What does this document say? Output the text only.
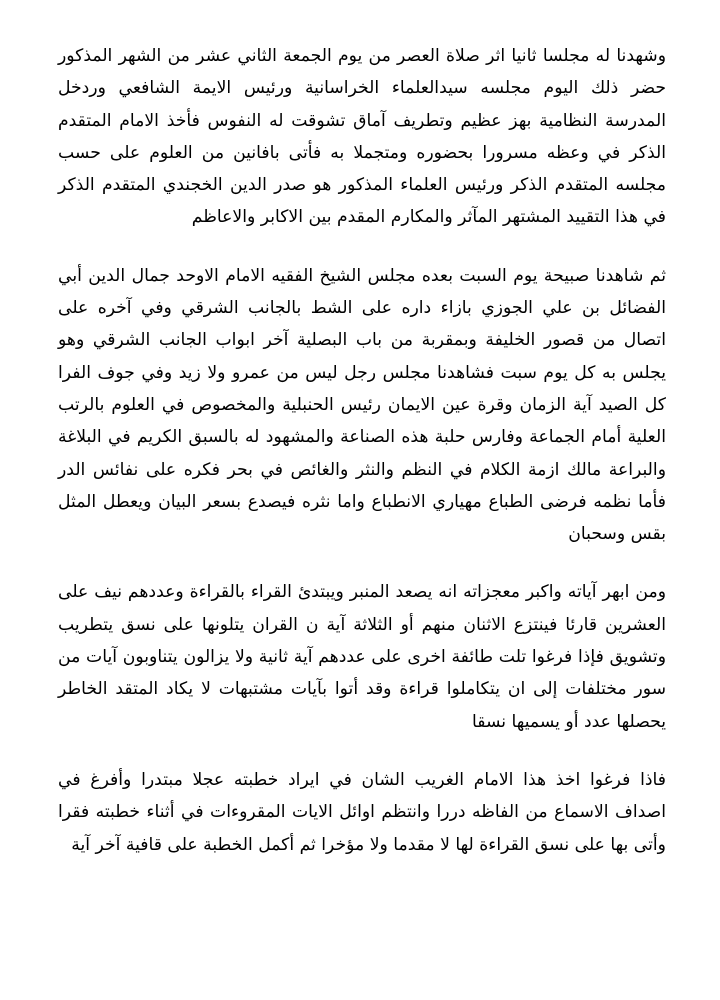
وشهدنا له مجلسا ثانيا اثر صلاة العصر من يوم الجمعة الثاني عشر من الشهر المذكور حضر ذلك اليوم مجلسه سيدالعلماء الخراسانية ورئيس الايمة الشافعي وردخل المدرسة النظامية بهز عظيم وتطريف آماق تشوقت له النفوس فأخذ الامام المتقدم الذكر في وعظه مسرورا بحضوره ومتجملا به فأتى بافانين من العلوم على حسب مجلسه المتقدم الذكر ورئيس العلماء المذكور هو صدر الدين الخجندي المتقدم الذكر في هذا التقييد المشتهر المآثر والمكارم المقدم بين الاكابر والاعاظم

ثم شاهدنا صبيحة يوم السبت بعده مجلس الشيخ الفقيه الامام الاوحد جمال الدين أبي الفضائل بن علي الجوزي بازاء داره على الشط بالجانب الشرقي وفي آخره على اتصال من قصور الخليفة وبمقربة من باب البصلية آخر ابواب الجانب الشرقي وهو يجلس به كل يوم سبت فشاهدنا مجلس رجل ليس من عمرو ولا زيد وفي جوف الفرا كل الصيد آية الزمان وقرة عين الايمان رئيس الحنبلية والمخصوص في العلوم بالرتب العلية أمام الجماعة وفارس حلبة هذه الصناعة والمشهود له بالسبق الكريم في البلاغة والبراعة مالك ازمة الكلام في النظم والنثر والغائص في بحر فكره على نفائس الدر فأما نظمه فرضى الطباع مهياري الانطباع واما نثره فيصدع بسعر البيان ويعطل المثل بقس وسحبان

ومن ابهر آياته واكبر معجزاته انه يصعد المنبر ويبتدئ القراء بالقراءة وعددهم نيف على العشرين قارئا فينتزع الاثنان منهم أو الثلاثة آية ن القران يتلونها على نسق يتطريب وتشويق فإذا فرغوا تلت طائفة اخرى على عددهم آية ثانية ولا يزالون يتناوبون آيات من سور مختلفات إلى ان يتكاملوا قراءة وقد أتوا بآيات مشتبهات لا يكاد المتقد الخاطر يحصلها عدد أو يسميها نسقا

فاذا فرغوا اخذ هذا الامام الغريب الشان في ايراد خطبته عجلا مبتدرا وأفرغ في اصداف الاسماع من الفاظه دررا وانتظم اوائل الايات المقروءات في أثناء خطبته فقرا وأتى بها على نسق القراءة لها لا مقدما ولا مؤخرا ثم أكمل الخطبة على قافية آخر آية
